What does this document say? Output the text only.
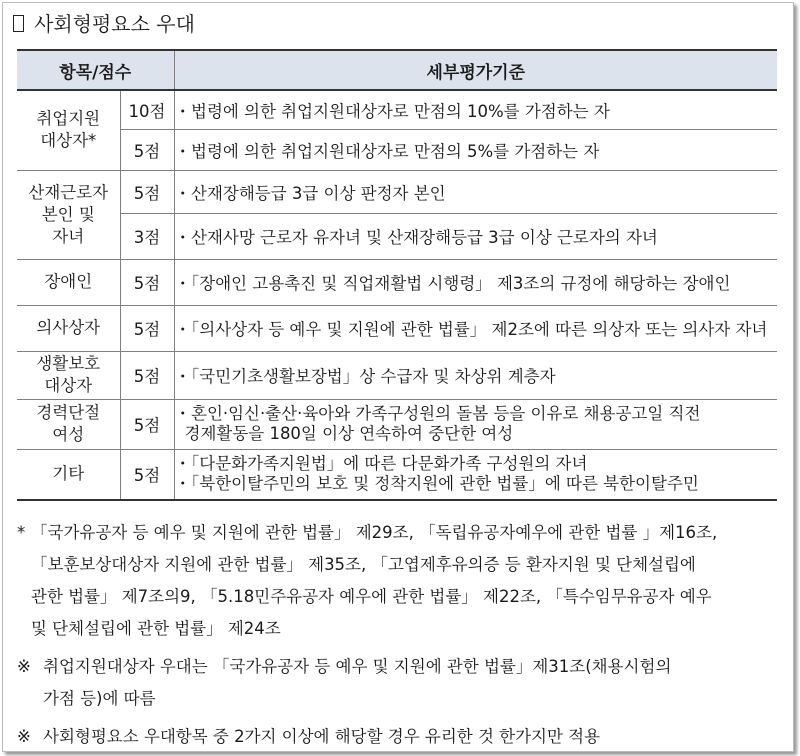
사회형평요소 우대
항목/점수		세부평가기준
취업지원
대상자*	10점	・법령에 의한 취업지원대상자로 만점의 10%를 가점하는 자
	5점	・법령에 의한 취업지원대상자로 만점의 5%를 가점하는 자
산재근로자
본인 및
자녀	5점	・산재장해등급 3급 이상 판정자 본인
	3점	・산재사망 근로자 유자녀 및 산재장해등급 3급 이상 근로자의 자녀
장애인	5점	・「장애인 고용촉진 및 직업재활법 시행령」 제3조의 규정에 해당하는 장애인
의사상자	5점	・「의사상자 등 예우 및 지원에 관한 법률」 제2조에 따른 의상자 또는 의사자 자녀
생활보호
대상자	5점	・「국민기초생활보장법」상 수급자 및 차상위 계층자
경력단절
여성	5점	・혼인·임신·출산·육아와 가족구성원의 돌봄 등을 이유로 채용공고일 직전
경제활동을 180일 이상 연속하여 중단한 여성

기타	5점	・「다문화가족지원법」에 따른 다문화가족 구성원의 자녀
・「북한이탈주민의 보호 및 정착지원에 관한 법률」에 따른 북한이탈주민
* 「국가유공자 등 예우 및 지원에 관한 법률」 제29조, 「독립유공자예우에 관한 법률 」제16조,
「보훈보상대상자 지원에 관한 법률」 제35조, 「고엽제후유의증 등 환자지원 및 단체설립에
관한 법률」 제7조의9, 「5.18민주유공자 예우에 관한 법률」 제22조, 「특수임무유공자 예우
및 단체설립에 관한 법률」 제24조
※ 취업지원대상자 우대는 「국가유공자 등 예우 및 지원에 관한 법률」제31조(채용시험의
가점 등)에 따름
※ 사회형평요소 우대항목 중 2가지 이상에 해당할 경우 유리한 것 한가지만 적용
